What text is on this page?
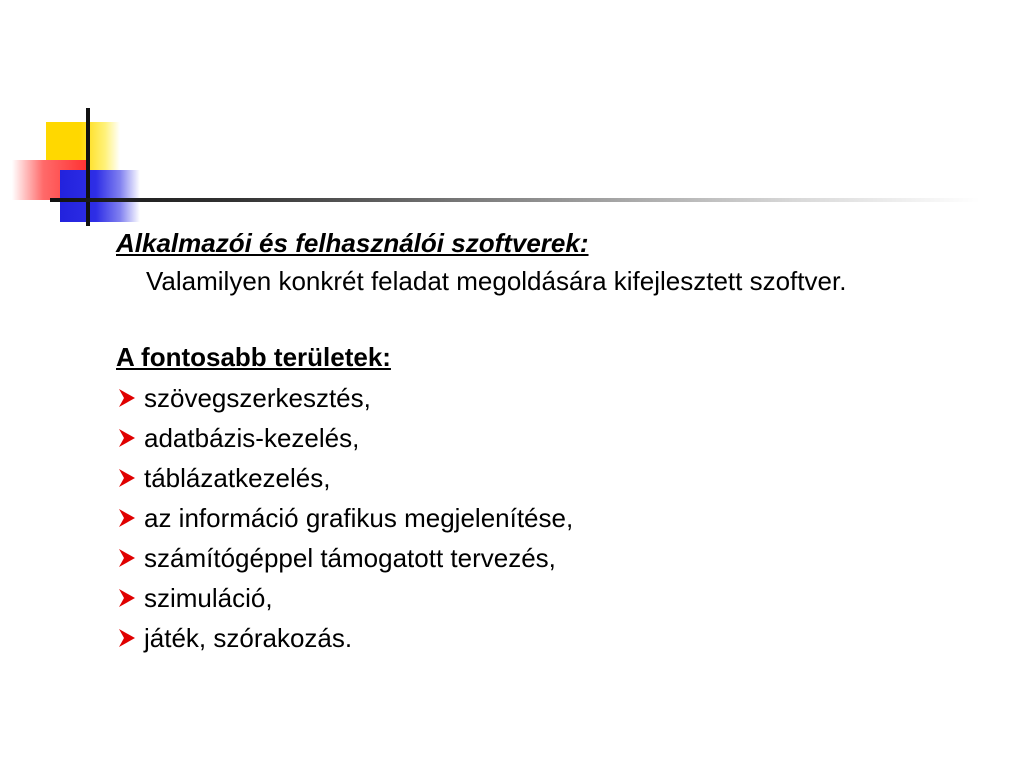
Alkalmazói és felhasználói szoftverek:

Valamilyen konkrét feladat megoldására kifejlesztett szoftver.

A fontosabb területek:

szövegszerkesztés,
adatbázis-kezelés,
táblázatkezelés,
az információ grafikus megjelenítése,
számítógéppel támogatott tervezés,
szimuláció,
játék, szórakozás.
